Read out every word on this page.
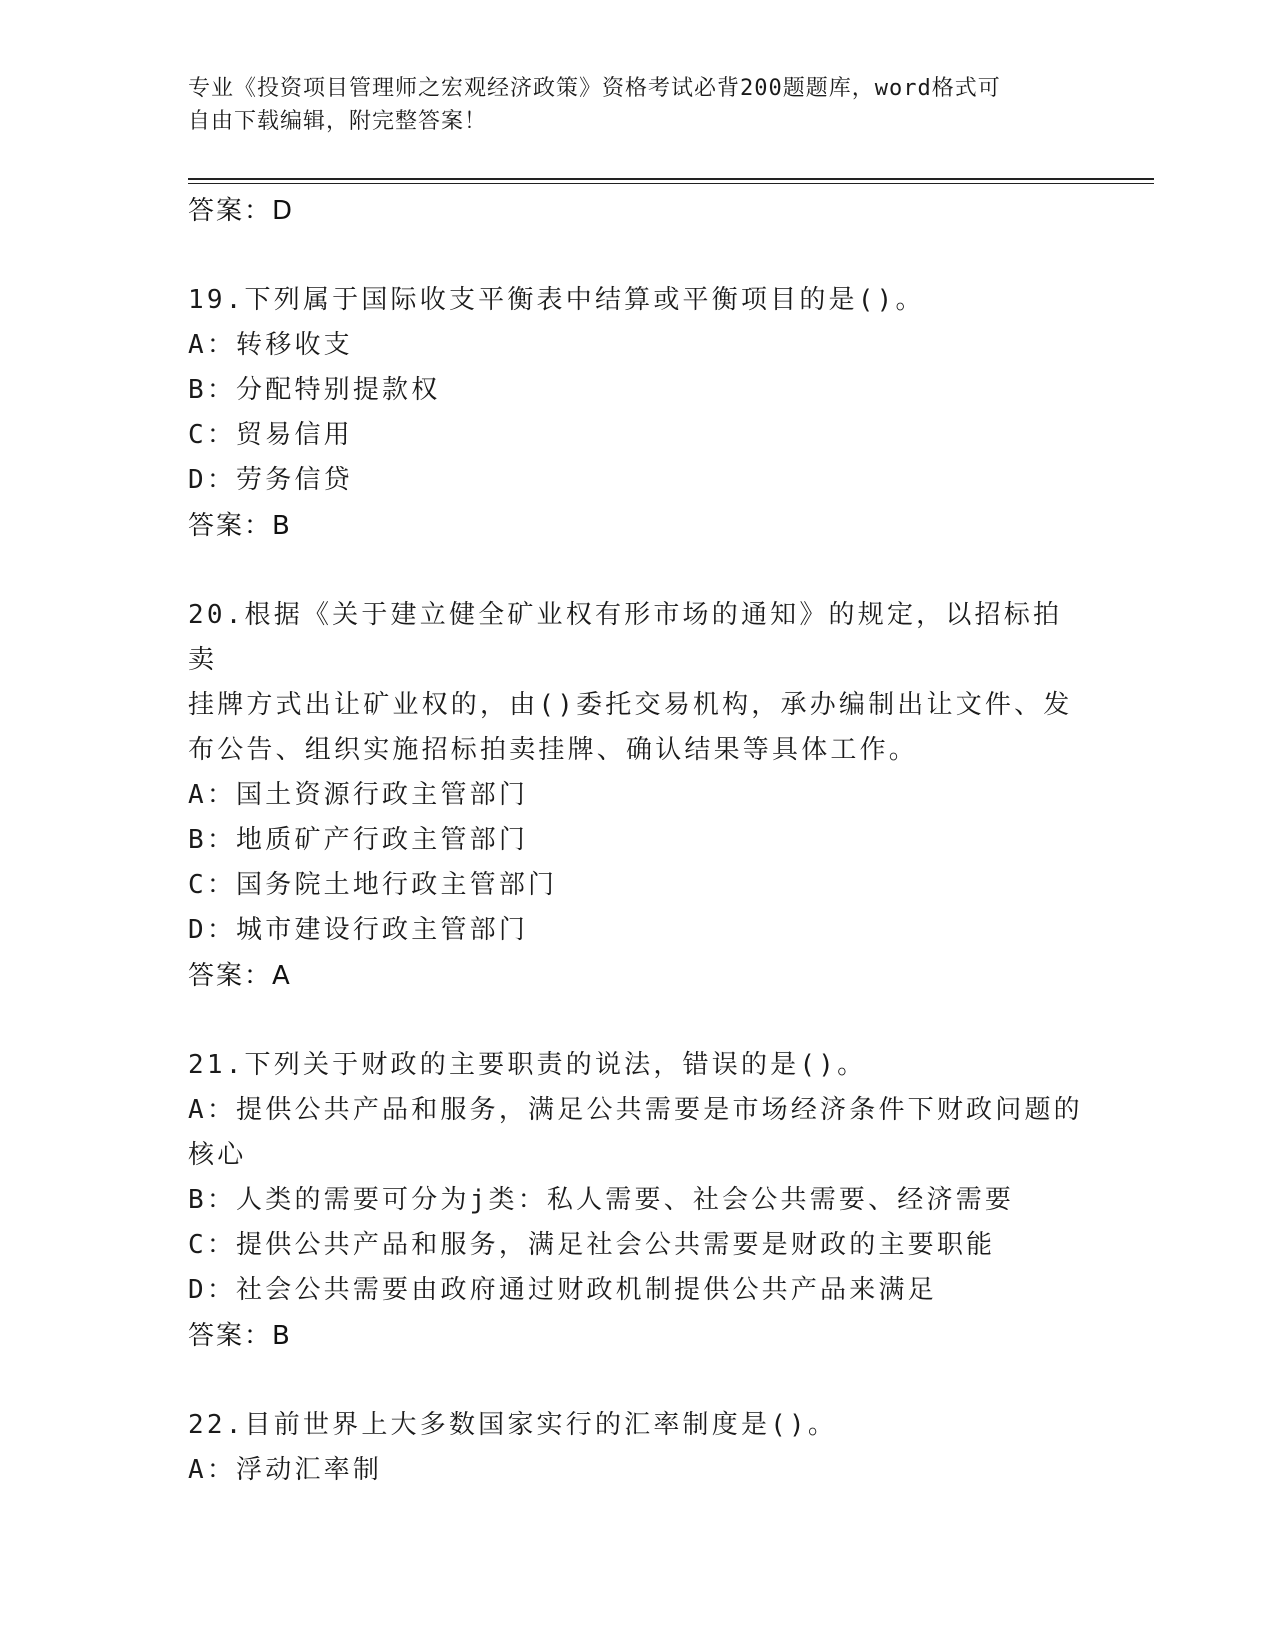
专业《投资项目管理师之宏观经济政策》资格考试必背200题题库，word格式可
自由下载编辑，附完整答案！
答案：D
19.下列属于国际收支平衡表中结算或平衡项目的是()。
A：转移收支
B：分配特别提款权
C：贸易信用
D：劳务信贷
答案：B
20.根据《关于建立健全矿业权有形市场的通知》的规定，以招标拍卖
挂牌方式出让矿业权的，由()委托交易机构，承办编制出让文件、发
布公告、组织实施招标拍卖挂牌、确认结果等具体工作。
A：国土资源行政主管部门
B：地质矿产行政主管部门
C：国务院土地行政主管部门
D：城市建设行政主管部门
答案：A
21.下列关于财政的主要职责的说法，错误的是()。
A：提供公共产品和服务，满足公共需要是市场经济条件下财政问题的
核心
B：人类的需要可分为j类：私人需要、社会公共需要、经济需要
C：提供公共产品和服务，满足社会公共需要是财政的主要职能
D：社会公共需要由政府通过财政机制提供公共产品来满足
答案：B
22.目前世界上大多数国家实行的汇率制度是()。
A：浮动汇率制
